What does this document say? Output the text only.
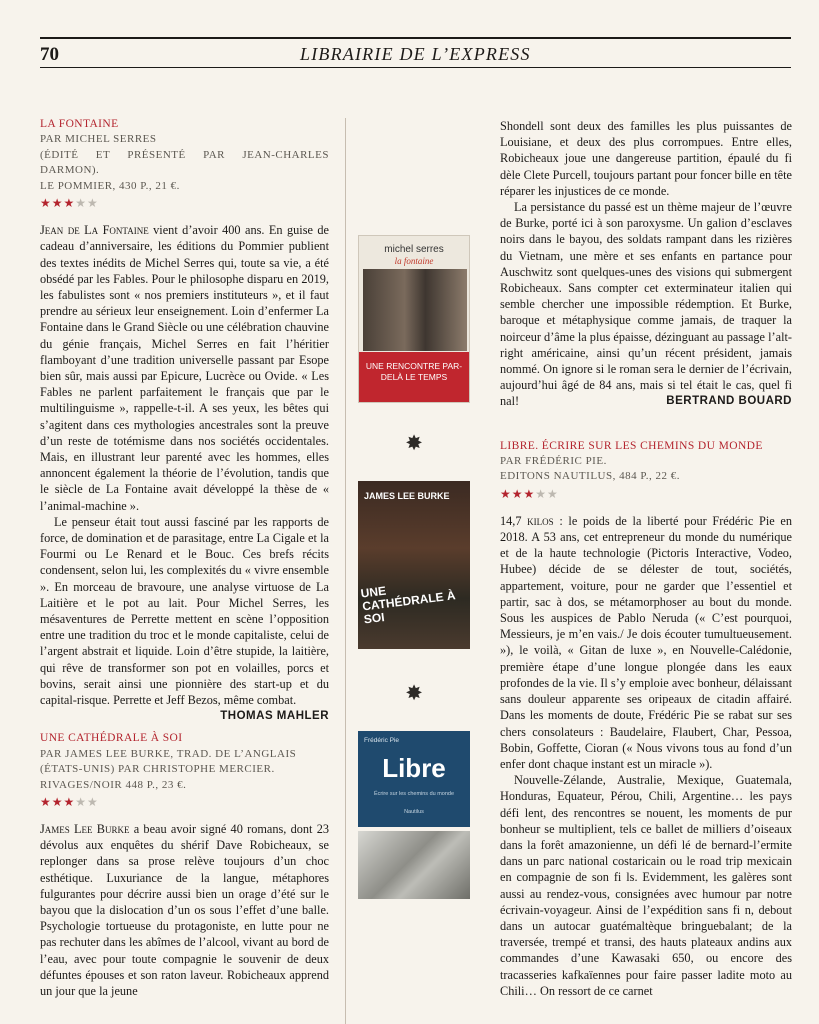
70	LIBRAIRIE DE L’EXPRESS

LA FONTAINE

PAR MICHEL SERRES

(ÉDITÉ ET PRÉSENTÉ PAR JEAN-CHARLES DARMON).

LE POMMIER, 430 P., 21 €.

★★★★★

Jean de La Fontaine vient d’avoir 400 ans. En guise de cadeau d’anniversaire, les éditions du Pommier publient des textes inédits de Michel Serres qui, toute sa vie, a été obsédé par les Fables. Pour le philosophe disparu en 2019, les fabulistes sont « nos premiers instituteurs », et il faut prendre au sérieux leur enseignement. Loin d’enfermer La Fontaine dans le Grand Siècle ou une célébration chauvine du génie français, Michel Serres en fait l’héritier flamboyant d’une tradition universelle passant par Esope bien sûr, mais aussi par Epicure, Lucrèce ou Ovide. « Les Fables ne parlent parfaitement le français que par le multilinguisme », rappelle-t-il. A ses yeux, les bêtes qui s’agitent dans ces mythologies ancestrales sont la preuve d’un reste de totémisme dans nos sociétés occidentales. Mais, en illustrant leur parenté avec les hommes, elles annoncent également la théorie de l’évolution, tandis que le siècle de La Fontaine avait développé la thèse de « l’animal-machine ».

Le penseur était tout aussi fasciné par les rapports de force, de domination et de parasitage, entre La Cigale et la Fourmi ou Le Renard et le Bouc. Ces brefs récits condensent, selon lui, les complexités du « vivre ensemble ». En morceau de bravoure, une analyse virtuose de La Laitière et le pot au lait. Pour Michel Serres, les mésaventures de Perrette mettent en scène l’opposition entre une tradition du troc et le monde capitaliste, celui de l’argent abstrait et liquide. Loin d’être stupide, la laitière, qui rêve de transformer son pot en volailles, porcs et bovins, serait ainsi une pionnière des start-up et du capital-risque. Perrette et Jeff Bezos, même combat.
THOMAS MAHLER

UNE CATHÉDRALE À SOI

PAR JAMES LEE BURKE, TRAD. DE L’ANGLAIS

(ÉTATS-UNIS) PAR CHRISTOPHE MERCIER.

RIVAGES/NOIR 448 P., 23 €.

★★★★★

James Lee Burke a beau avoir signé 40 romans, dont 23 dévolus aux enquêtes du shérif Dave Robicheaux, se replonger dans sa prose relève toujours d’un choc esthétique. Luxuriance de la langue, métaphores fulgurantes pour décrire aussi bien un orage d’été sur le bayou que la dislocation d’un os sous l’effet d’une balle. Psychologie tortueuse du protagoniste, en lutte pour ne pas rechuter dans les abîmes de l’alcool, vivant au bord de l’eau, avec pour toute compagnie le souvenir de deux défuntes épouses et son raton laveur. Robicheaux apprend un jour que la jeune

michel serres
la fontaine
UNE RENCONTRE PAR-DELÀ LE TEMPS
✸
JAMES LEE BURKE
UNE CATHÉDRALE À SOI
✸
Frédéric Pie
Libre
Écrire sur les chemins du monde
Nautilus

Shondell sont deux des familles les plus puissantes de Louisiane, et deux des plus corrompues. Entre elles, Robicheaux joue une dangereuse partition, épaulé du fi dèle Clete Purcell, toujours partant pour foncer bille en tête réparer les injustices de ce monde.

La persistance du passé est un thème majeur de l’œuvre de Burke, porté ici à son paroxysme. Un galion d’esclaves noirs dans le bayou, des soldats rampant dans les rizières du Vietnam, une mère et ses enfants en partance pour Auschwitz sont quelques-unes des visions qui submergent Robicheaux. Sans compter cet exterminateur italien qui semble chercher une impossible rédemption. Et Burke, baroque et métaphysique comme jamais, de traquer la noirceur d’âme la plus épaisse, dézinguant au passage l’alt-right américaine, ainsi qu’un récent président, jamais nommé. On ignore si le roman sera le dernier de l’écrivain, aujourd’hui âgé de 84 ans, mais si tel était le cas, quel fi nal!	BERTRAND BOUARD

LIBRE. ÉCRIRE SUR LES CHEMINS DU MONDE

PAR FRÉDÉRIC PIE.

EDITONS NAUTILUS, 484 P., 22 €.

★★★★★

14,7 kilos : le poids de la liberté pour Frédéric Pie en 2018. A 53 ans, cet entrepreneur du monde du numérique et de la haute technologie (Pictoris Interactive, Vodeo, Hubee) décide de se délester de tout, sociétés, appartement, voiture, pour ne garder que l’essentiel et partir, sac à dos, se métamorphoser au bout du monde. Sous les auspices de Pablo Neruda (« C’est pourquoi, Messieurs, je m’en vais./ Je dois écouter tumultueusement. »), le voilà, « Gitan de luxe », en Nouvelle-Calédonie, première étape d’une longue plongée dans les eaux profondes de la vie. Il s’y emploie avec bonheur, délaissant sans douleur apparente ses oripeaux de citadin affairé. Dans les moments de doute, Frédéric Pie se rabat sur ses chers consolateurs : Baudelaire, Flaubert, Char, Pessoa, Bobin, Goffette, Cioran (« Nous vivons tous au fond d’un enfer dont chaque instant est un miracle »).

Nouvelle-Zélande, Australie, Mexique, Guatemala, Honduras, Equateur, Pérou, Chili, Argentine… les pays défi lent, des rencontres se nouent, les moments de pur bonheur se multiplient, tels ce ballet de milliers d’oiseaux dans la forêt amazonienne, un défi lé de bernard-l’ermite dans un parc national costaricain ou le road trip mexicain en compagnie de son fi ls. Evidemment, les galères sont aussi au rendez-vous, consignées avec humour par notre écrivain-voyageur. Ainsi de l’expédition sans fi n, debout dans un autocar guatémaltèque bringuebalant; de la traversée, trempé et transi, des hauts plateaux andins aux commandes d’une Kawasaki 650, ou encore des tracasseries kafkaïennes pour faire passer ladite moto au Chili… On ressort de ce carnet
